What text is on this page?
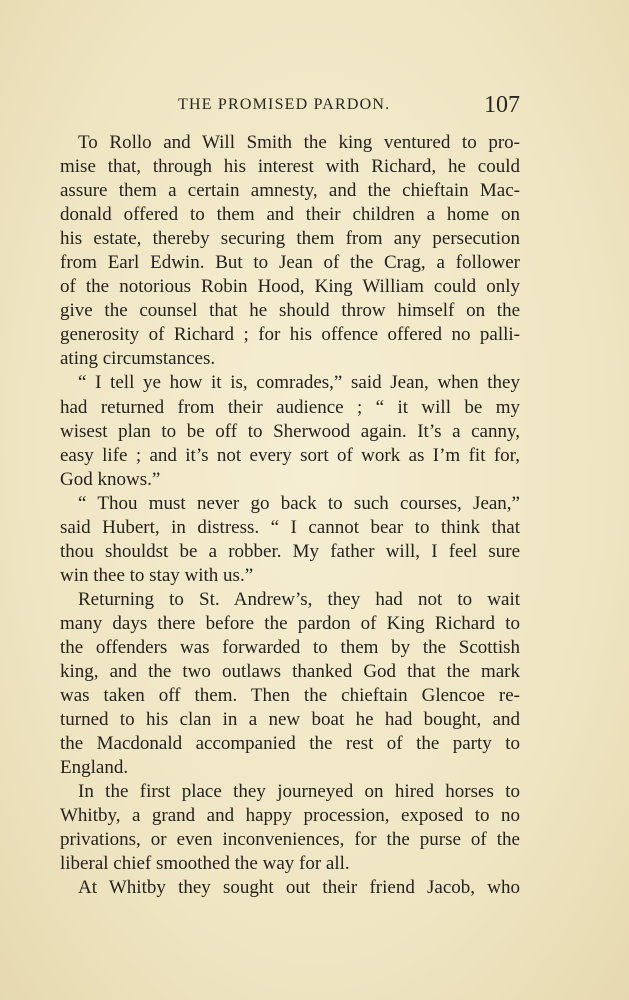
THE PROMISED PARDON.	107
To Rollo and Will Smith the king ventured to pro-
mise that, through his interest with Richard, he could
assure them a certain amnesty, and the chieftain Mac-
donald offered to them and their children a home on
his estate, thereby securing them from any persecution
from Earl Edwin. But to Jean of the Crag, a follower
of the notorious Robin Hood, King William could only
give the counsel that he should throw himself on the
generosity of Richard ; for his offence offered no palli-
ating circumstances.
“ I tell ye how it is, comrades,” said Jean, when they
had returned from their audience ; “ it will be my
wisest plan to be off to Sherwood again. It’s a canny,
easy life ; and it’s not every sort of work as I’m fit for,
God knows.”
“ Thou must never go back to such courses, Jean,”
said Hubert, in distress. “ I cannot bear to think that
thou shouldst be a robber. My father will, I feel sure
win thee to stay with us.”
Returning to St. Andrew’s, they had not to wait
many days there before the pardon of King Richard to
the offenders was forwarded to them by the Scottish
king, and the two outlaws thanked God that the mark
was taken off them. Then the chieftain Glencoe re-
turned to his clan in a new boat he had bought, and
the Macdonald accompanied the rest of the party to
England.
In the first place they journeyed on hired horses to
Whitby, a grand and happy procession, exposed to no
privations, or even inconveniences, for the purse of the
liberal chief smoothed the way for all.
At Whitby they sought out their friend Jacob, who
